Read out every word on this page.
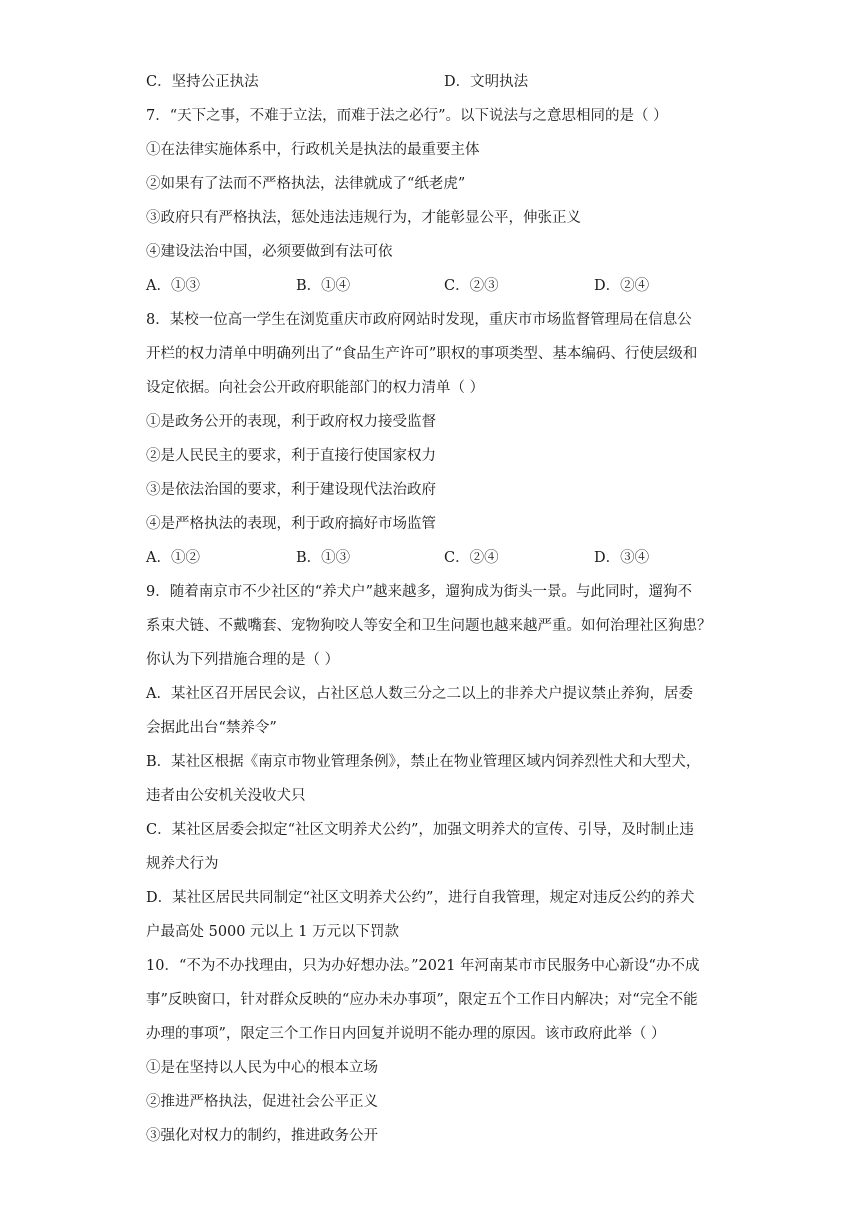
C．坚持公正执法	D．文明执法

7．“天下之事，不难于立法，而难于法之必行”。以下说法与之意思相同的是（ ）

①在法律实施体系中，行政机关是执法的最重要主体

②如果有了法而不严格执法，法律就成了“纸老虎”

③政府只有严格执法，惩处违法违规行为，才能彰显公平，伸张正义

④建设法治中国，必须要做到有法可依

A．①③	B．①④	C．②③	D．②④

8．某校一位高一学生在浏览重庆市政府网站时发现，重庆市市场监督管理局在信息公

开栏的权力清单中明确列出了“食品生产许可”职权的事项类型、基本编码、行使层级和

设定依据。向社会公开政府职能部门的权力清单（ ）

①是政务公开的表现，利于政府权力接受监督

②是人民民主的要求，利于直接行使国家权力

③是依法治国的要求，利于建设现代法治政府

④是严格执法的表现，利于政府搞好市场监管

A．①②	B．①③	C．②④	D．③④

9．随着南京市不少社区的“养犬户”越来越多，遛狗成为街头一景。与此同时，遛狗不

系束犬链、不戴嘴套、宠物狗咬人等安全和卫生问题也越来越严重。如何治理社区狗患？

你认为下列措施合理的是（ ）

A．某社区召开居民会议，占社区总人数三分之二以上的非养犬户提议禁止养狗，居委

会据此出台“禁养令”

B．某社区根据《南京市物业管理条例》，禁止在物业管理区域内饲养烈性犬和大型犬，

违者由公安机关没收犬只

C．某社区居委会拟定“社区文明养犬公约”，加强文明养犬的宣传、引导，及时制止违

规养犬行为

D．某社区居民共同制定“社区文明养犬公约”，进行自我管理，规定对违反公约的养犬

户最高处 5000 元以上 1 万元以下罚款

10．“不为不办找理由，只为办好想办法。”2021 年河南某市市民服务中心新设“办不成

事”反映窗口，针对群众反映的“应办未办事项”，限定五个工作日内解决；对“完全不能

办理的事项”，限定三个工作日内回复并说明不能办理的原因。该市政府此举（ ）

①是在坚持以人民为中心的根本立场

②推进严格执法，促进社会公平正义

③强化对权力的制约，推进政务公开
